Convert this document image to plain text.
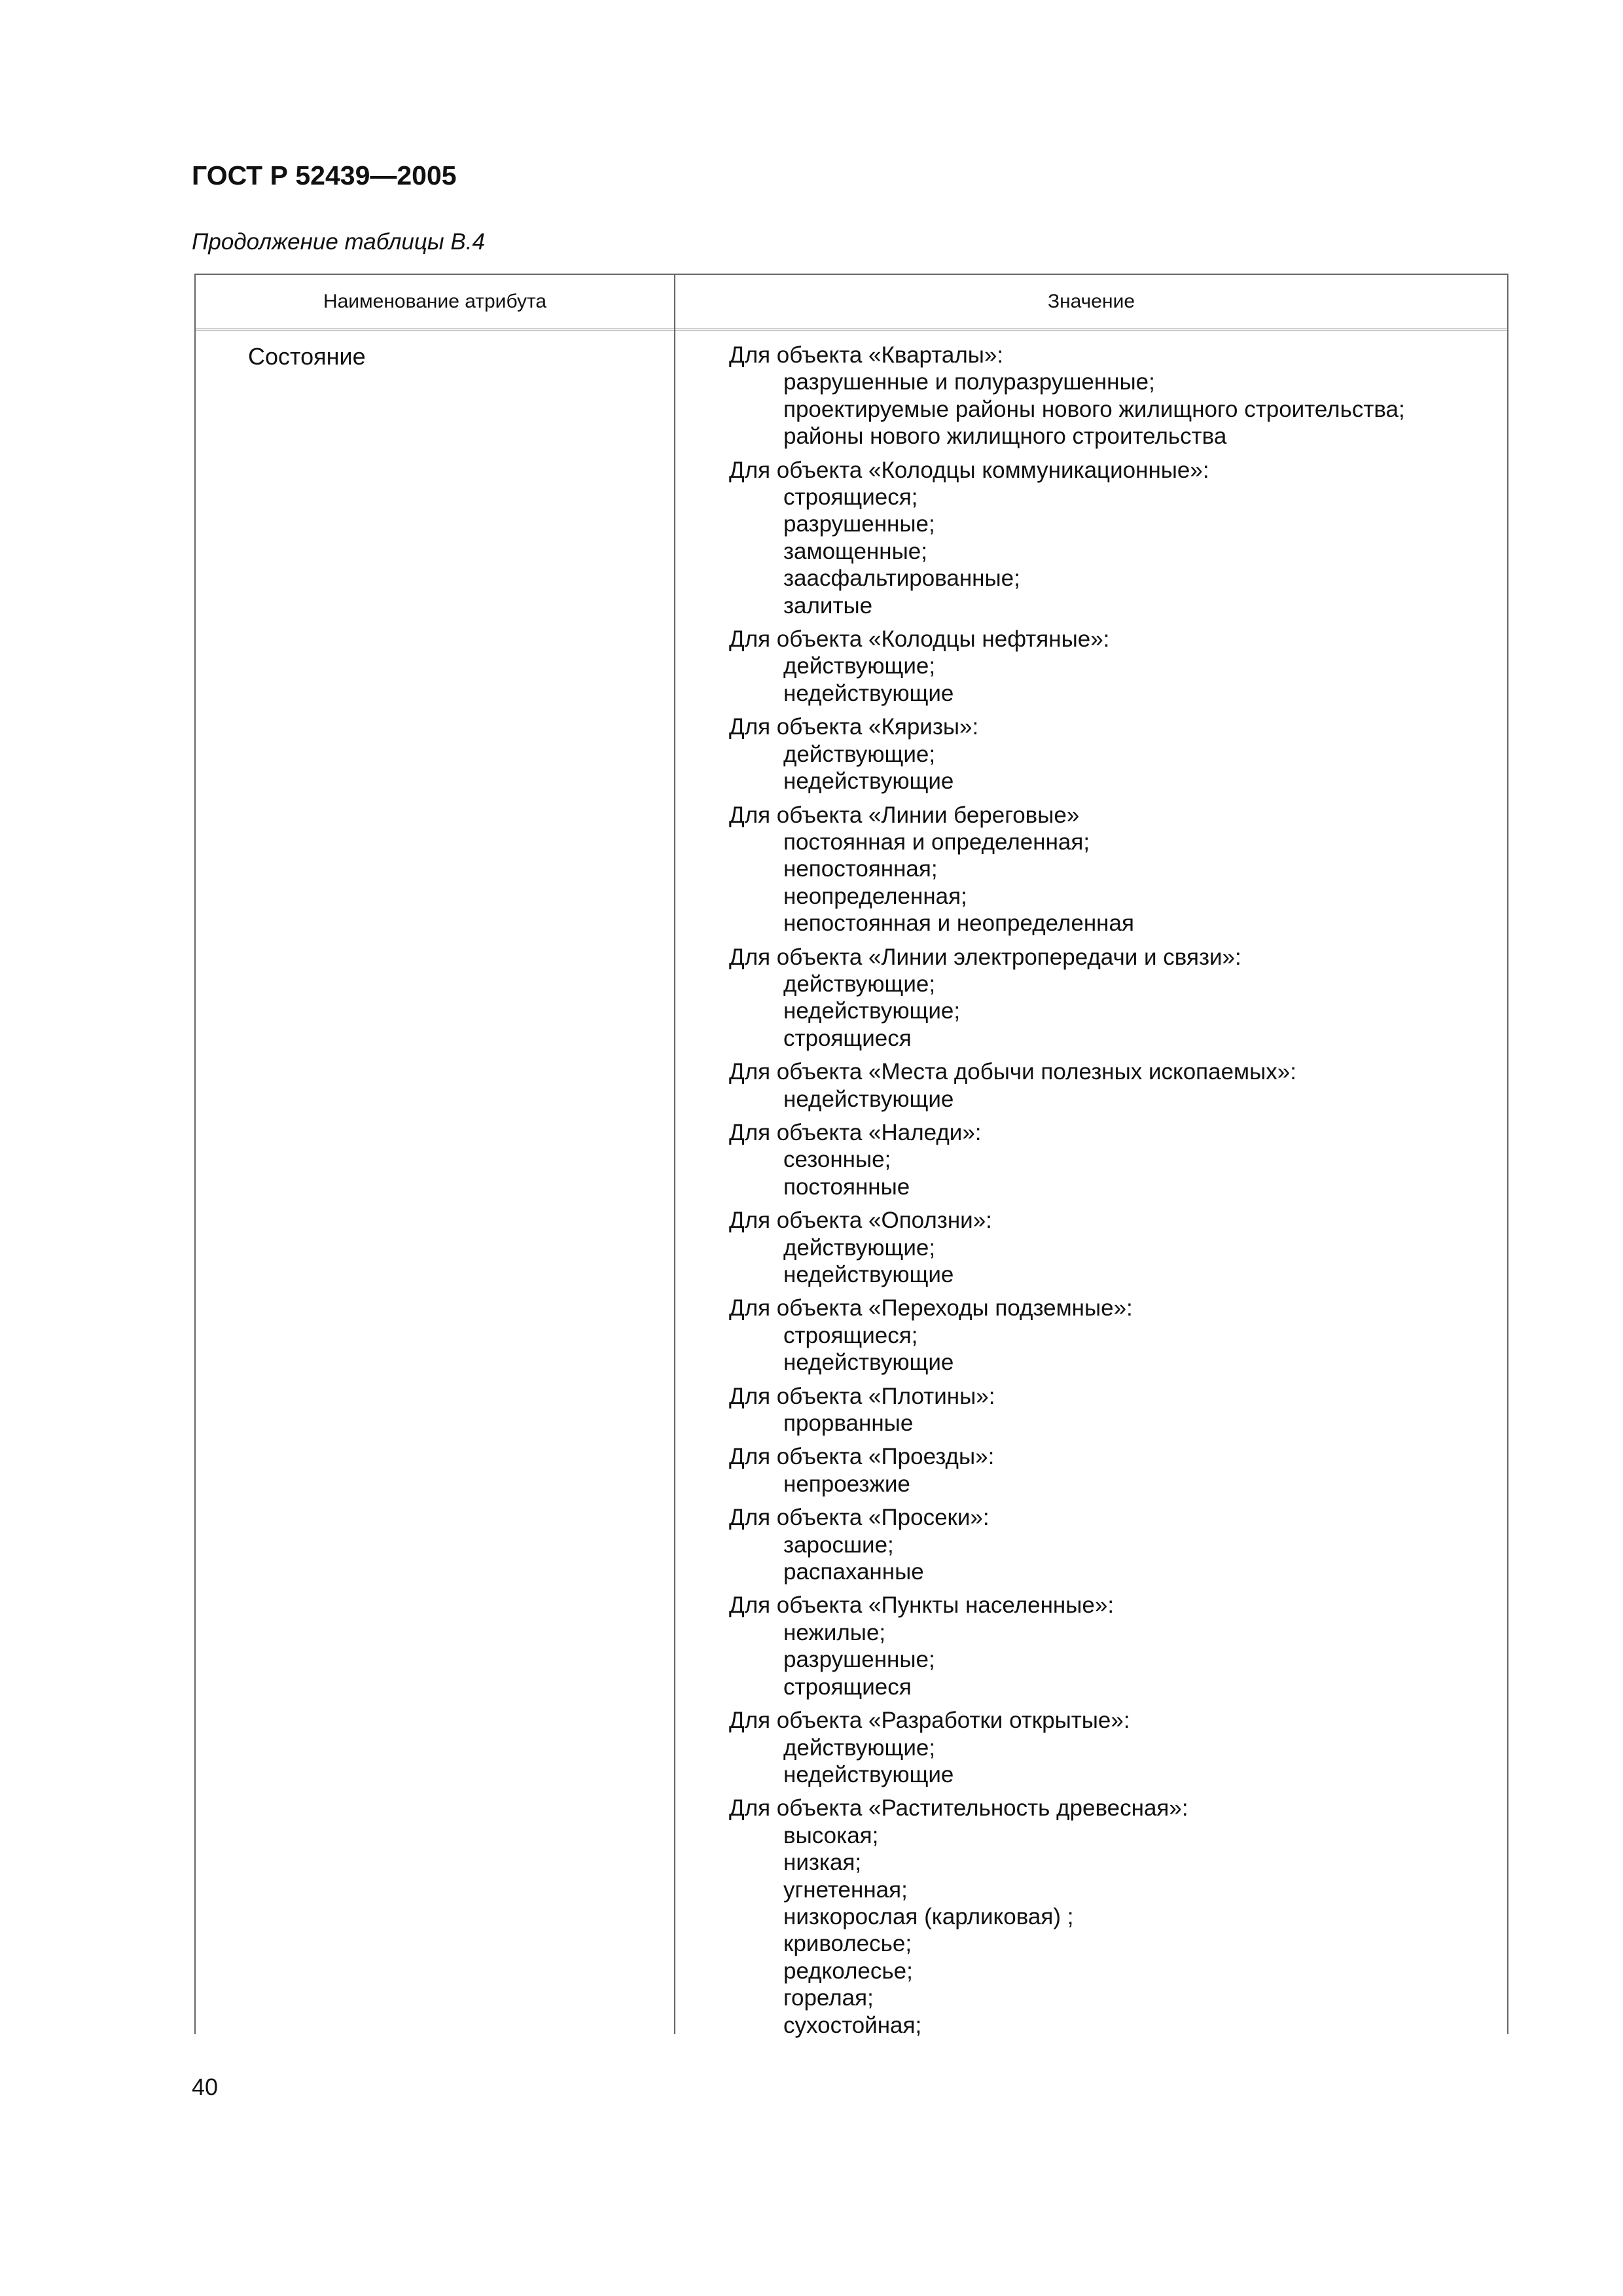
ГОСТ Р 52439—2005
Продолжение таблицы В.4
Наименование атрибута	Значение
Состояние	Для объекта «Кварталы»:
разрушенные и полуразрушенные;
проектируемые районы нового жилищного строительства;
районы нового жилищного строительства
Для объекта «Колодцы коммуникационные»:
строящиеся;
разрушенные;
замощенные;
заасфальтированные;
залитые
Для объекта «Колодцы нефтяные»:
действующие;
недействующие
Для объекта «Кяризы»:
действующие;
недействующие
Для объекта «Линии береговые»
постоянная и определенная;
непостоянная;
неопределенная;
непостоянная и неопределенная
Для объекта «Линии электропередачи и связи»:
действующие;
недействующие;
строящиеся
Для объекта «Места добычи полезных ископаемых»:
недействующие
Для объекта «Наледи»:
сезонные;
постоянные
Для объекта «Оползни»:
действующие;
недействующие
Для объекта «Переходы подземные»:
строящиеся;
недействующие
Для объекта «Плотины»:
прорванные
Для объекта «Проезды»:
непроезжие
Для объекта «Просеки»:
заросшие;
распаханные
Для объекта «Пункты населенные»:
нежилые;
разрушенные;
строящиеся
Для объекта «Разработки открытые»:
действующие;
недействующие
Для объекта «Растительность древесная»:
высокая;
низкая;
угнетенная;
низкорослая (карликовая) ;
криволесье;
редколесье;
горелая;
сухостойная;
40
